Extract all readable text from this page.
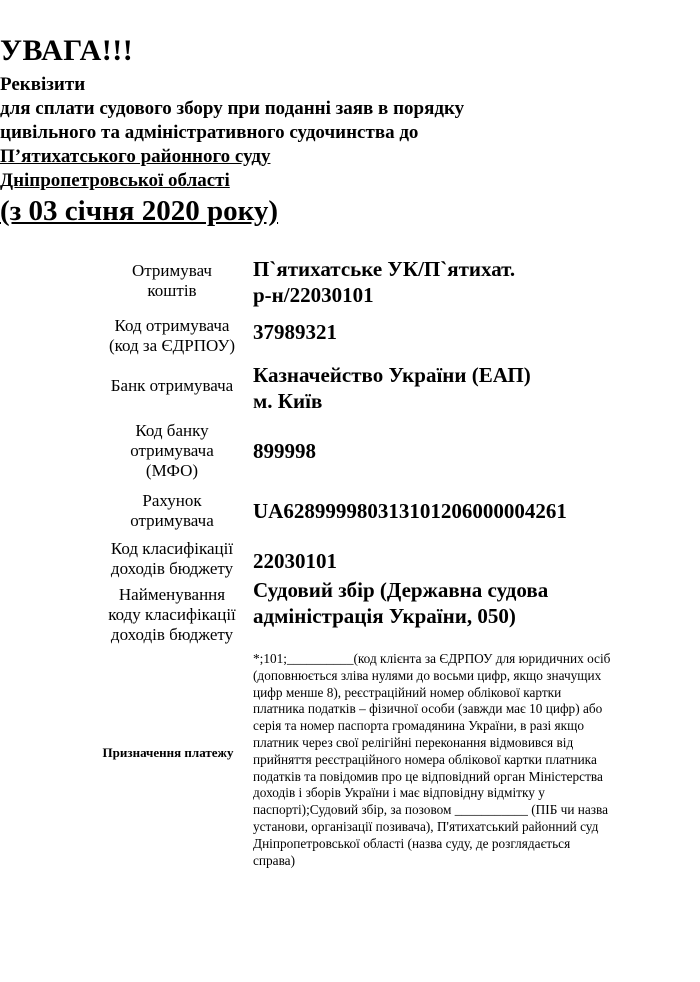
УВАГА!!!
Реквізити
для сплати судового збору при поданні заяв в порядку
цивільного та адміністративного судочинства до
П’ятихатського районного суду
Дніпропетровської області
(з 03 січня 2020 року)
Отримувач
коштів
П`ятихатське УК/П`ятихат.
р-н/22030101
Код отримувача
(код за ЄДРПОУ)
37989321
Банк отримувача Казначейство України (ЕАП)
м. Київ
Код банку
отримувача
(МФО)
899998
Рахунок
отримувача	UA628999980313101206000004261
Код класифікації
доходів бюджету 22030101
Найменування
коду класифікації
доходів бюджету
Судовий збір (Державна судова
адміністрація України, 050)
Призначення платежу
*;101;__________(код клієнта за ЄДРПОУ для юридичних осіб
(доповнюється зліва нулями до восьми цифр, якщо значущих
цифр менше 8), реєстраційний номер облікової картки
платника податків – фізичної особи (завжди має 10 цифр) або
серія та номер паспорта громадянина України, в разі якщо
платник через свої релігійні переконання відмовився від
прийняття реєстраційного номера облікової картки платника
податків та повідомив про це відповідний орган Міністерства
доходів і зборів України і має відповідну відмітку у
паспорті);Судовий збір, за позовом ___________ (ПІБ чи назва
установи, організації позивача), П'ятихатський районний суд
Дніпропетровської області (назва суду, де розглядається
справа)
